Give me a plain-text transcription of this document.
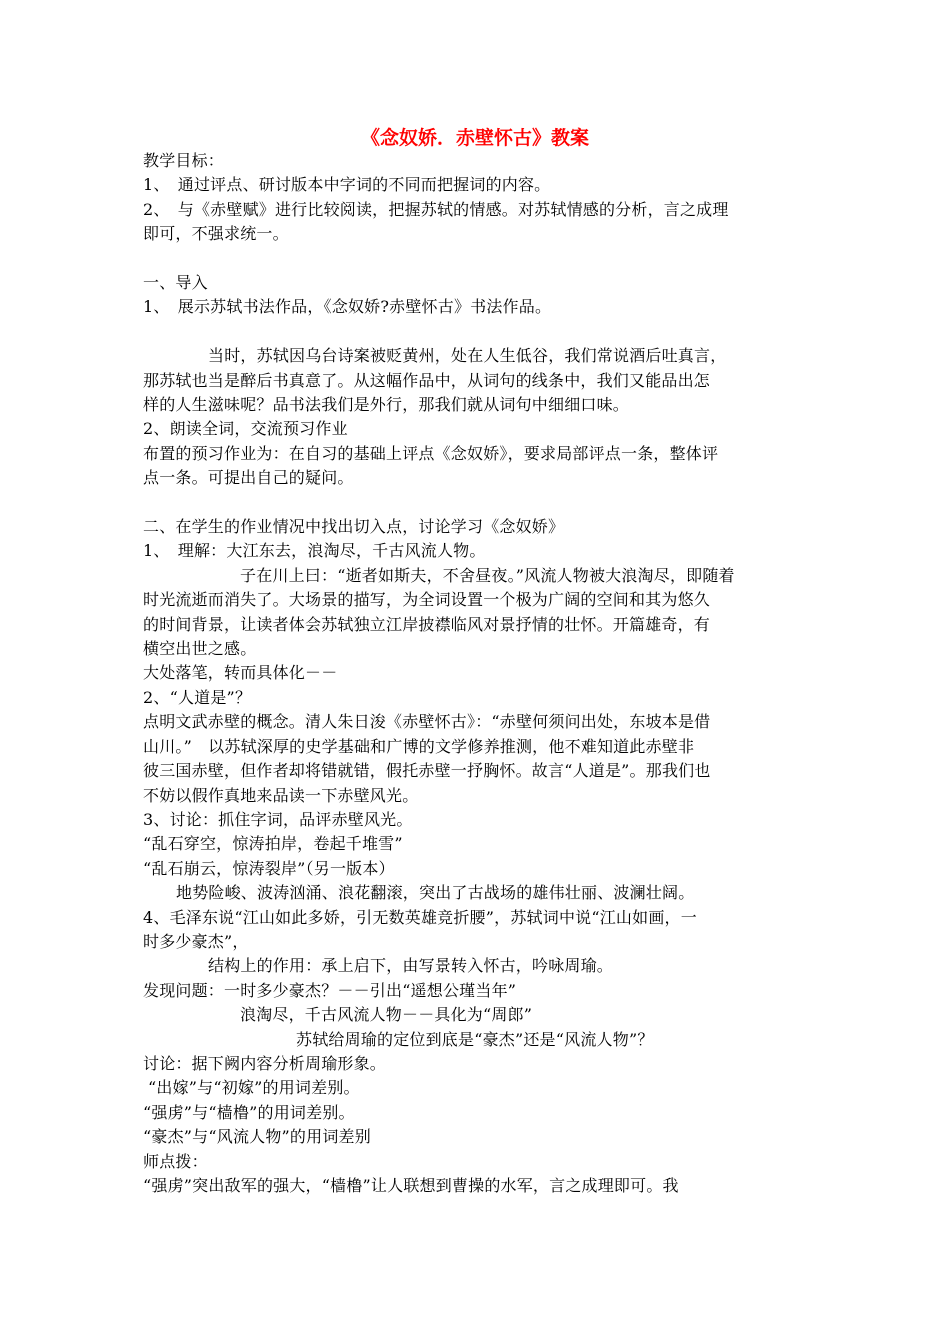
《念奴娇．赤壁怀古》教案

教学目标：

1、　通过评点、研讨版本中字词的不同而把握词的内容。

2、　与《赤壁赋》进行比较阅读，把握苏轼的情感。对苏轼情感的分析，言之成理

即可，不强求统一。

一、导入

1、　展示苏轼书法作品，《念奴娇?赤壁怀古》书法作品。

当时，苏轼因乌台诗案被贬黄州，处在人生低谷，我们常说酒后吐真言，

那苏轼也当是醉后书真意了。从这幅作品中，从词句的线条中，我们又能品出怎

样的人生滋味呢？品书法我们是外行，那我们就从词句中细细口味。

2、朗读全词，交流预习作业

布置的预习作业为：在自习的基础上评点《念奴娇》，要求局部评点一条，整体评

点一条。可提出自己的疑问。

二、在学生的作业情况中找出切入点，讨论学习《念奴娇》

1、　理解：大江东去，浪淘尽，千古风流人物。

子在川上曰：“逝者如斯夫，不舍昼夜。”风流人物被大浪淘尽，即随着

时光流逝而消失了。大场景的描写，为全词设置一个极为广阔的空间和其为悠久

的时间背景，让读者体会苏轼独立江岸披襟临风对景抒情的壮怀。开篇雄奇，有

横空出世之感。

大处落笔，转而具体化－－

2、“人道是”？

点明文武赤壁的概念。清人朱日浚《赤壁怀古》：“赤壁何须问出处，东坡本是借

山川。”　以苏轼深厚的史学基础和广博的文学修养推测，他不难知道此赤壁非

彼三国赤壁，但作者却将错就错，假托赤壁一抒胸怀。故言“人道是”。那我们也

不妨以假作真地来品读一下赤壁风光。

3、讨论：抓住字词，品评赤壁风光。

“乱石穿空，惊涛拍岸，卷起千堆雪”

“乱石崩云，惊涛裂岸”（另一版本）

地势险峻、波涛汹涌、浪花翻滚，突出了古战场的雄伟壮丽、波澜壮阔。

4、毛泽东说“江山如此多娇，引无数英雄竞折腰”，苏轼词中说“江山如画，一

时多少豪杰”，

结构上的作用：承上启下，由写景转入怀古，吟咏周瑜。

发现问题：一时多少豪杰？－－引出“遥想公瑾当年”

浪淘尽，千古风流人物－－具化为“周郎”

苏轼给周瑜的定位到底是“豪杰”还是“风流人物”？

讨论：据下阙内容分析周瑜形象。

“出嫁”与“初嫁”的用词差别。

“强虏”与“樯橹”的用词差别。

“豪杰”与“风流人物”的用词差别

师点拨：

“强虏”突出敌军的强大，“樯橹”让人联想到曹操的水军，言之成理即可。我
